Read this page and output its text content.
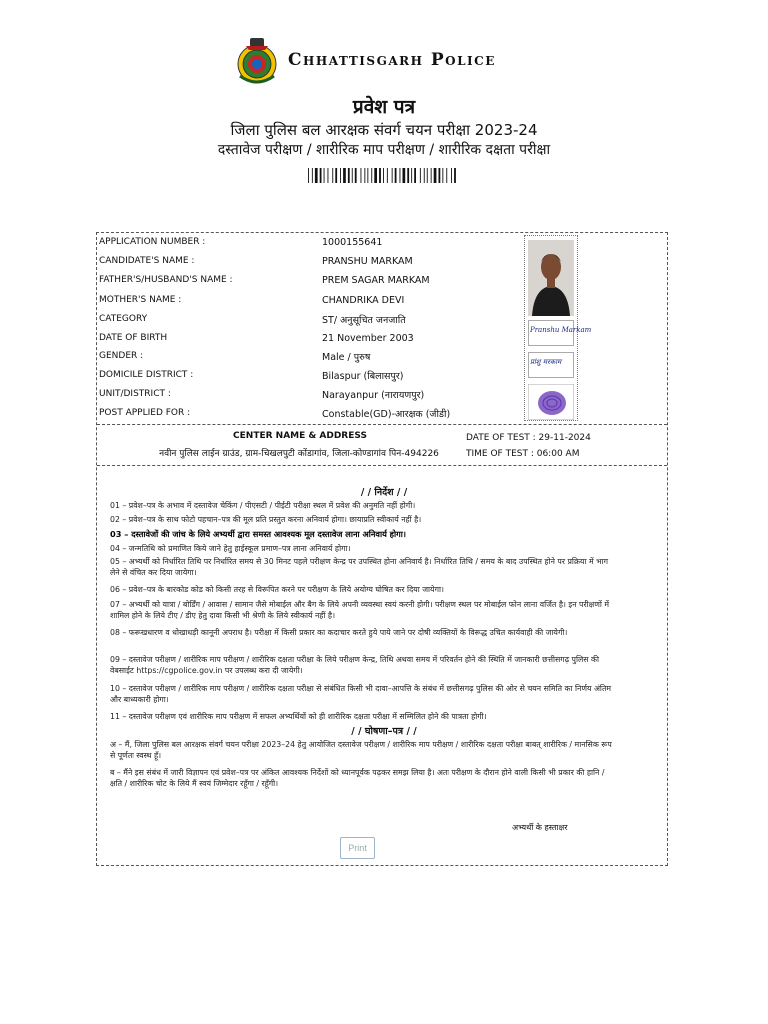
Chhattisgarh Police
प्रवेश पत्र
जिला पुलिस बल आरक्षक संवर्ग चयन परीक्षा 2023-24
दस्तावेज परीक्षण / शारीरिक माप परीक्षण / शारीरिक दक्षता परीक्षा
APPLICATION NUMBER :	1000155641
CANDIDATE'S NAME :	PRANSHU MARKAM
FATHER'S/HUSBAND'S NAME :	PREM SAGAR MARKAM
MOTHER'S NAME :	CHANDRIKA DEVI
CATEGORY	ST/ अनुसूचित जनजाति
DATE OF BIRTH	21 November 2003
GENDER :	Male / पुरुष
DOMICILE DISTRICT :	Bilaspur (बिलासपुर)
UNIT/DISTRICT :	Narayanpur (नारायणपुर)
POST APPLIED FOR :	Constable(GD)-आरक्षक (जीडी)
Pranshu Markam
प्रांशु मरकाम
CENTER NAME & ADDRESS
नवीन पुलिस लाईन ग्राउंड, ग्राम-चिखलपुटी कोंडागांव, जिला-कोण्डागांव पिन-494226
DATE OF TEST : 29-11-2024
TIME OF TEST : 06:00 AM
/ / निर्देश / /
01 – प्रवेश–पत्र के अभाव में दस्तावेज चेकिंग / पीएसटी / पीईटी परीक्षा स्थल में प्रवेश की अनुमति नहीं होगी।
02 – प्रवेश–पत्र के साथ फोटो पहचान–पत्र की मूल प्रति प्रस्तुत करना अनिवार्य होगा। छायाप्रति स्वीकार्य नहीं है।
03 – दस्तावेजों की जांच के लिये अभ्यर्थी द्वारा समस्त आवश्यक मूल दस्तावेज लाना अनिवार्य होगा।
04 – जन्मतिथि को प्रमाणित किये जाने हेतु हाईस्कूल प्रमाण–पत्र लाना अनिवार्य होगा।
05 – अभ्यर्थी को निर्धारित तिथि पर निर्धारित समय से 30 मिनट पहले परीक्षण केन्द्र पर उपस्थित होना अनिवार्य है। निर्धारित तिथि / समय के बाद उपस्थित होने पर प्रक्रिया में भाग लेने से वंचित कर दिया जायेगा।
06 – प्रवेश–पत्र के बारकोड कोड को किसी तरह से विरूपित करने पर परीक्षण के लिये अयोग्य घोषित कर दिया जायेगा।
07 – अभ्यर्थी को यात्रा / बोर्डिंग / आवास / सामान जैसे मोबाईल और बैग के लिये अपनी व्यवस्था स्वयं करनी होगी। परीक्षण स्थल पर मोबाईल फोन लाना वर्जित है। इन परीक्षणों में शामिल होने के लिये टीए / डीए हेतु दावा किसी भी श्रेणी के लिये स्वीकार्य नहीं है।
08 – फरूखधारण व धोखाधड़ी कानूनी अपराध है। परीक्षा में किसी प्रकार का कदाचार करते हुये पाये जाने पर दोषी व्यक्तियों के विरूद्ध उचित कार्यवाही की जायेगी।
09 – दस्तावेज परीक्षण / शारीरिक माप परीक्षण / शारीरिक दक्षता परीक्षा के लिये परीक्षण केन्द्र, तिथि अथवा समय में परिवर्तन होने की स्थिति में जानकारी छत्तीसगढ़ पुलिस की वेबसाईट https://cgpolice.gov.in पर उपलब्ध करा दी जायेगी।
10 – दस्तावेज परीक्षण / शारीरिक माप परीक्षण / शारीरिक दक्षता परीक्षा से संबंधित किसी भी दावा–आपत्ति के संबंध में छत्तीसगढ़ पुलिस की ओर से चयन समिति का निर्णय अंतिम और बाध्यकारी होगा।
11 – दस्तावेज परीक्षण एवं शारीरिक माप परीक्षण में सफल अभ्यर्थियों को ही शारीरिक दक्षता परीक्षा में सम्मिलित होने की पात्रता होगी।
/ / घोषणा–पत्र / /
अ – मैं, जिला पुलिस बल आरक्षक संवर्ग चयन परीक्षा 2023–24 हेतु आयोजित दस्तावेज परीक्षण / शारीरिक माप परीक्षण / शारीरिक दक्षता परीक्षा बाबत् शारीरिक / मानसिक रूप से पूर्णतः स्वस्थ हूँ।
ब – मैंने इस संबंध में जारी विज्ञापन एवं प्रवेश–पत्र पर अंकित आवश्यक निर्देशों को ध्यानपूर्वक पढ़कर समझ लिया है। अतः परीक्षण के दौरान होने वाली किसी भी प्रकार की हानि / क्षति / शारीरिक चोट के लिये मैं स्वयं जिम्मेदार रहूँगा / रहूँगी।
अभ्यर्थी के हस्ताक्षर
Print
